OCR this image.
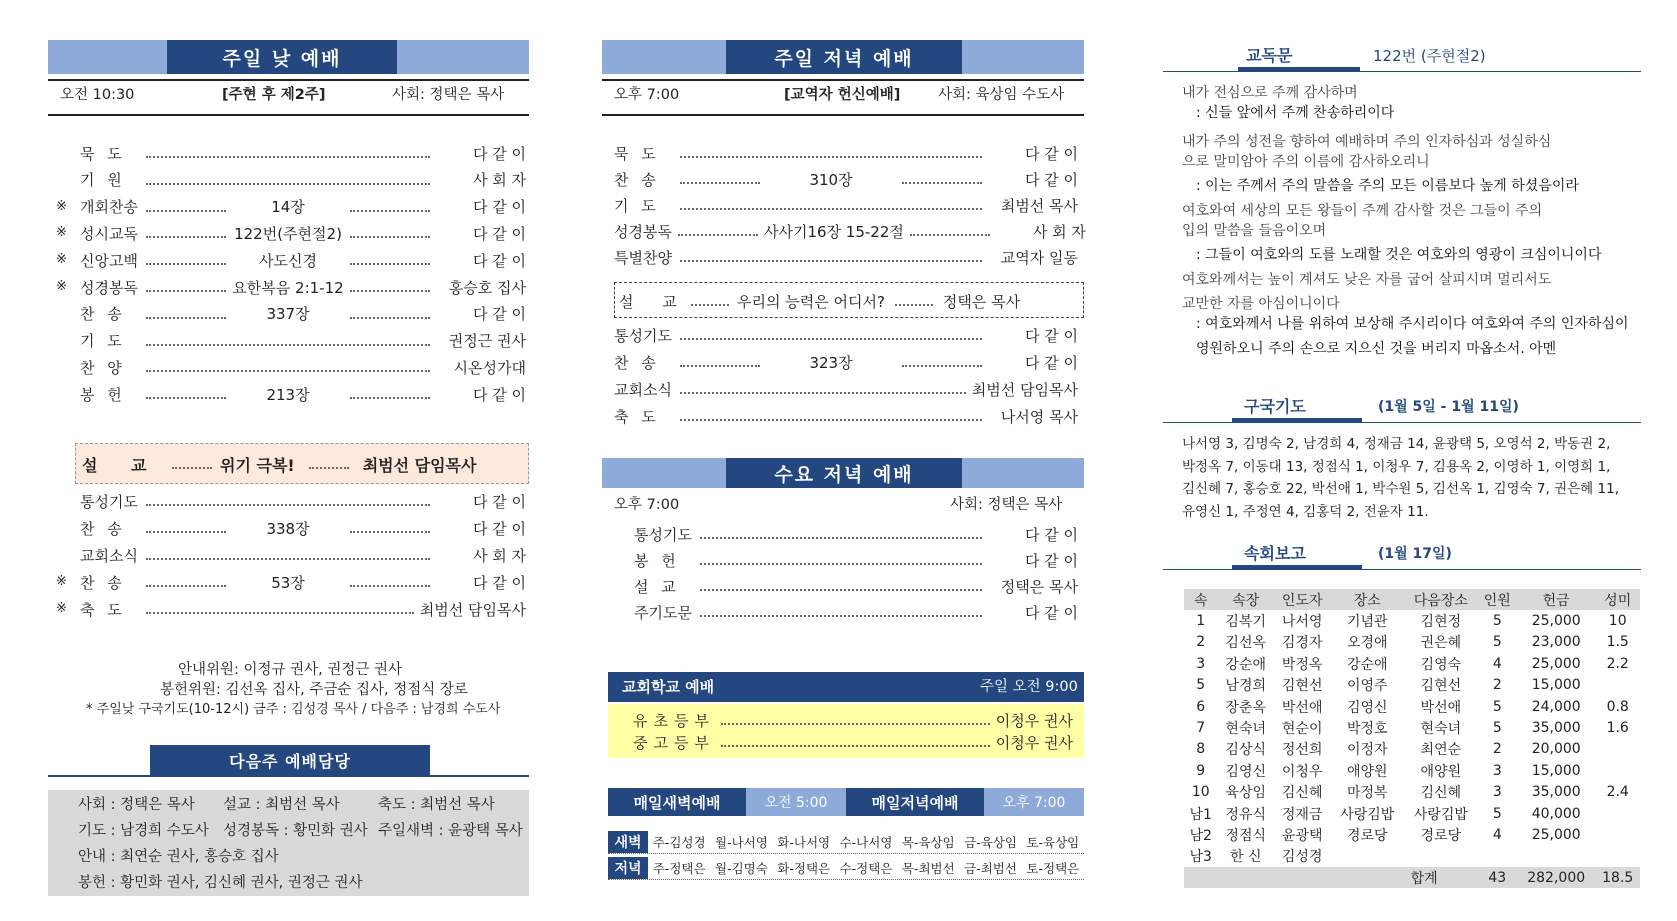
주일 낮 예배
오전 10:30	[주현 후 제2주]	사회: 정택은 목사
묵 도	다 같 이
기 원	사 회 자
※ 개회찬송	14장	다 같 이
※ 성시교독	122번(주현절2)	다 같 이
※ 신앙고백	사도신경	다 같 이
※ 성경봉독	요한복음 2:1-12	홍승호 집사
찬 송	337장	다 같 이
기 도	권정근 권사
찬 양	시온성가대
봉 헌	213장	다 같 이
설 교	위기 극복!	최범선 담임목사
통성기도	다 같 이
찬 송	338장	다 같 이
교회소식	사 회 자
※ 찬 송	53장	다 같 이
※ 축 도	최범선 담임목사
안내위원: 이정규 권사, 권정근 권사
봉헌위원: 김선옥 집사, 주금순 집사, 정점식 장로
* 주일낮 구국기도(10-12시) 금주 : 김성경 목사 / 다음주 : 남경희 수도사
다음주 예배담당
사회 : 정택은 목사 설교 : 최범선 목사	축도 : 최범선 목사
기도 : 남경희 수도사 성경봉독 : 황민화 권사 주일새벽 : 윤광택 목사
안내 : 최연순 권사, 홍승호 집사
봉헌 : 황민화 권사, 김신혜 권사, 권정근 권사
주일 저녁 예배
오후 7:00	[교역자 헌신예배]	사회: 육상임 수도사
묵 도	다 같 이
찬 송	310장	다 같 이
기 도	최범선 목사
성경봉독	사사기16장 15-22절	사 회 자
특별찬양	교역자 일동
설 교	우리의 능력은 어디서?	정택은 목사
통성기도	다 같 이
찬 송	323장	다 같 이
교회소식	최범선 담임목사
축 도	나서영 목사
수요 저녁 예배
오후 7:00	사회: 정택은 목사
통성기도	다 같 이
봉 헌	다 같 이
설 교	정택은 목사
주기도문	다 같 이
교회학교 예배	주일 오전 9:00
유초등부	이청우 권사
중고등부	이청우 권사
매일새벽예배	오전 5:00	매일저녁예배	오후 7:00
새벽 주-김성경 월-나서영 화-나서영 수-나서영 목-육상임 금-육상임 토-육상임
저녁 주-정택은 월-김명숙 화-정택은 수-정택은 목-최범선 금-최범선 토-정택은
교독문	122번 (주현절2)
내가 전심으로 주께 감사하며
: 신들 앞에서 주께 찬송하리이다
내가 주의 성전을 향하여 예배하며 주의 인자하심과 성실하심
으로 말미암아 주의 이름에 감사하오리니
: 이는 주께서 주의 말씀을 주의 모든 이름보다 높게 하셨음이라
여호와여 세상의 모든 왕들이 주께 감사할 것은 그들이 주의
입의 말씀을 들음이오며
: 그들이 여호와의 도를 노래할 것은 여호와의 영광이 크심이니이다
여호와께서는 높이 계셔도 낮은 자를 굽어 살피시며 멀리서도
교만한 자를 아심이니이다
: 여호와께서 나를 위하여 보상해 주시리이다 여호와여 주의 인자하심이
영원하오니 주의 손으로 지으신 것을 버리지 마옵소서. 아멘
구국기도	(1월 5일 - 1월 11일)
나서영 3, 김명숙 2, 남경희 4, 정재금 14, 윤광택 5, 오영석 2, 박동권 2,
박정옥 7, 이동대 13, 정점식 1, 이청우 7, 김용옥 2, 이영하 1, 이영희 1,
김신혜 7, 홍승호 22, 박선애 1, 박수원 5, 김선옥 1, 김영숙 7, 권은혜 11,
유영신 1, 주정연 4, 김홍덕 2, 전윤자 11.
속회보고	(1월 17일)
속	속장	인도자	장소	다음장소	인원	헌금	성미
1	김복기	나서영	기념관	김현정	5	25,000	10
2	김선옥	김경자	오경애	권은혜	5	23,000	1.5
3	강순애	박정옥	강순애	김영숙	4	25,000	2.2
5	남경희	김현선	이영주	김현선	2	15,000	
6	장춘옥	박선애	김영신	박선애	5	24,000	0.8
7	현숙녀	현순이	박정호	현숙녀	5	35,000	1.6
8	김상식	정선희	이정자	최연순	2	20,000	
9	김영신	이청우	애양원	애양원	3	15,000	
10	육상임	김신혜	마정복	김신혜	3	35,000	2.4
남1	정유식	정재금	사랑김밥	사랑김밥	5	40,000	
남2	정점식	윤광택	경로당	경로당	4	25,000	
남3	한 신	김성경					
합계					43	282,000	18.5
